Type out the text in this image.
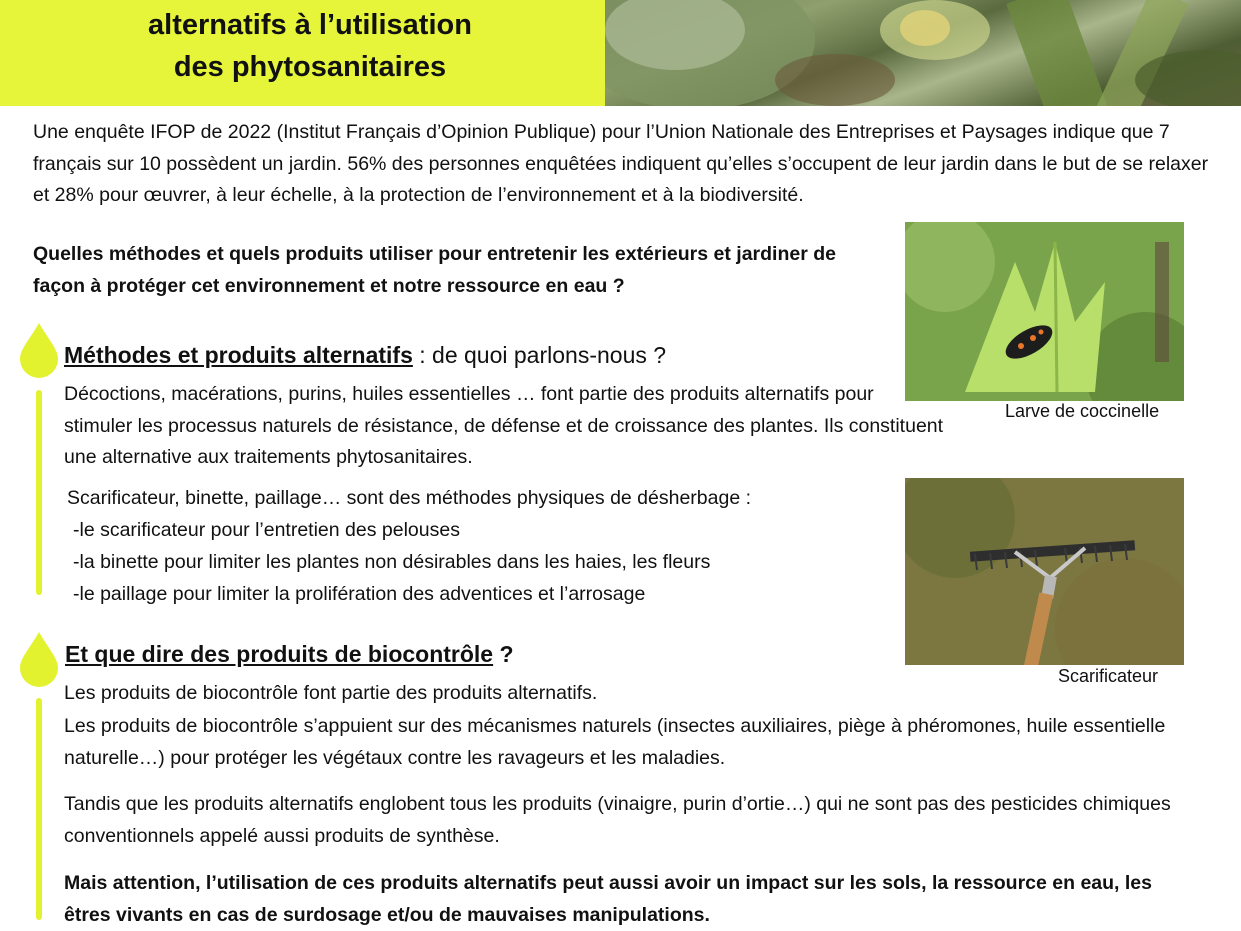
alternatifs à l’utilisation
des phytosanitaires

Une enquête IFOP de 2022 (Institut Français d’Opinion Publique) pour l’Union Nationale des Entreprises et Paysages indique que 7 français sur 10 possèdent un jardin. 56% des personnes enquêtées indiquent qu’elles s’occupent de leur jardin dans le but de se relaxer et 28% pour œuvrer, à leur échelle, à la protection de l’environnement et à la biodiversité.

Quelles méthodes et quels produits utiliser pour entretenir les extérieurs et jardiner de façon à protéger cet environnement et notre ressource en eau ?

Larve de coccinelle
Méthodes et produits alternatifs : de quoi parlons-nous ?

Décoctions, macérations, purins, huiles essentielles … font partie des produits alternatifs pour stimuler les processus naturels de résistance, de défense et de croissance des plantes. Ils constituent une alternative aux traitements phytosanitaires.

Scarificateur, binette, paillage… sont des méthodes physiques de désherbage :

-le scarificateur pour l’entretien des pelouses

-la binette pour limiter les plantes non désirables dans les haies, les fleurs

-le paillage pour limiter la prolifération des adventices et l’arrosage

Scarificateur
Et que dire des produits de biocontrôle ?

Les produits de biocontrôle font partie des produits alternatifs.

Les produits de biocontrôle s’appuient sur des mécanismes naturels (insectes auxiliaires, piège à phéromones, huile essentielle naturelle…) pour protéger les végétaux contre les ravageurs et les maladies.

Tandis que les produits alternatifs englobent tous les produits (vinaigre, purin d’ortie…) qui ne sont pas des pesticides chimiques conventionnels appelé aussi produits de synthèse.

Mais attention, l’utilisation de ces produits alternatifs peut aussi avoir un impact sur les sols, la ressource en eau, les êtres vivants en cas de surdosage et/ou de mauvaises manipulations.
